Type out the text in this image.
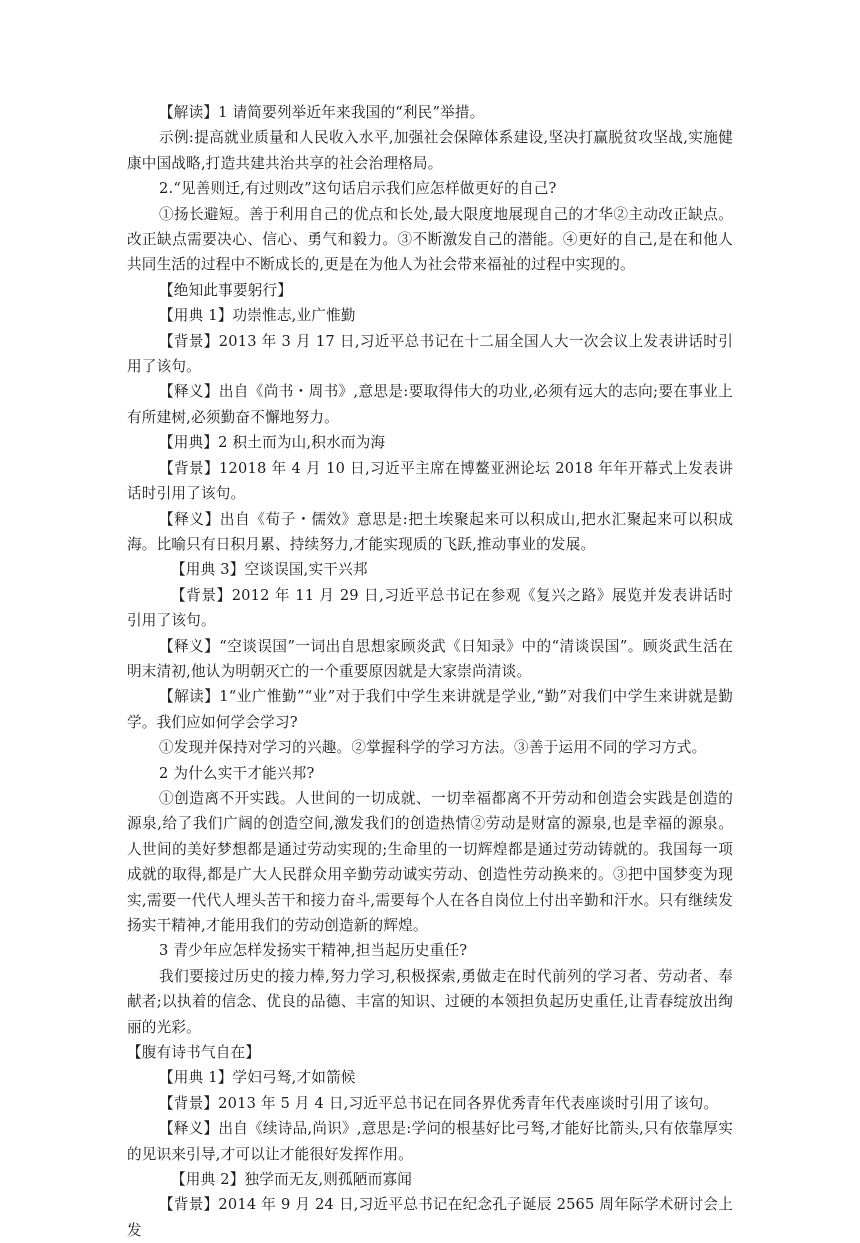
【解读】1 请简要列举近年来我国的“利民”举措。

示例:提高就业质量和人民收入水平,加强社会保障体系建设,坚决打赢脱贫攻坚战,实施健康中国战略,打造共建共治共享的社会治理格局。

2.“见善则迁,有过则改”这句话启示我们应怎样做更好的自己?

①扬长避短。善于利用自己的优点和长处,最大限度地展现自己的才华②主动改正缺点。改正缺点需要决心、信心、勇气和毅力。③不断激发自己的潜能。④更好的自己,是在和他人共同生活的过程中不断成长的,更是在为他人为社会带来福祉的过程中实现的。

【绝知此事要躬行】

【用典 1】功崇惟志,业广惟勤

【背景】2013 年 3 月 17 日,习近平总书记在十二届全国人大一次会议上发表讲话时引用了该句。

【释义】出自《尚书・周书》,意思是:要取得伟大的功业,必须有远大的志向;要在事业上有所建树,必须勤奋不懈地努力。

【用典】2 积土而为山,积水而为海

【背景】12018 年 4 月 10 日,习近平主席在博鳌亚洲论坛 2018 年年开幕式上发表讲话时引用了该句。

【释义】出自《荀子・儒效》意思是:把土埃聚起来可以积成山,把水汇聚起来可以积成海。比喻只有日积月累、持续努力,才能实现质的飞跃,推动事业的发展。

【用典 3】空谈误国,实干兴邦

【背景】2012 年 11 月 29 日,习近平总书记在参观《复兴之路》展览并发表讲话时引用了该句。

【释义】“空谈误国”一词出自思想家顾炎武《日知录》中的“清谈误国”。顾炎武生活在明末清初,他认为明朝灭亡的一个重要原因就是大家崇尚清谈。

【解读】1“业广惟勤”“业”对于我们中学生来讲就是学业,“勤”对我们中学生来讲就是勤学。我们应如何学会学习?

①发现并保持对学习的兴趣。②掌握科学的学习方法。③善于运用不同的学习方式。

2 为什么实干才能兴邦?

①创造离不开实践。人世间的一切成就、一切幸福都离不开劳动和创造会实践是创造的源泉,给了我们广阔的创造空间,激发我们的创造热情②劳动是财富的源泉,也是幸福的源泉。人世间的美好梦想都是通过劳动实现的;生命里的一切辉煌都是通过劳动铸就的。我国每一项成就的取得,都是广大人民群众用辛勤劳动诚实劳动、创造性劳动换来的。③把中国梦变为现实,需要一代代人埋头苦干和接力奋斗,需要每个人在各自岗位上付出辛勤和汗水。只有继续发扬实干精神,才能用我们的劳动创造新的辉煌。

3 青少年应怎样发扬实干精神,担当起历史重任?

我们要接过历史的接力棒,努力学习,积极探索,勇做走在时代前列的学习者、劳动者、奉献者;以执着的信念、优良的品德、丰富的知识、过硬的本领担负起历史重任,让青春绽放出绚丽的光彩。

【腹有诗书气自在】

【用典 1】学妇弓驽,才如箭候

【背景】2013 年 5 月 4 日,习近平总书记在同各界优秀青年代表座谈时引用了该句。

【释义】出自《续诗品,尚识》,意思是:学问的根基好比弓驽,才能好比箭头,只有依靠厚实的见识来引导,才可以让才能很好发挥作用。

【用典 2】独学而无友,则孤陋而寡闻

【背景】2014 年 9 月 24 日,习近平总书记在纪念孔子诞辰 2565 周年际学术研讨会上发
